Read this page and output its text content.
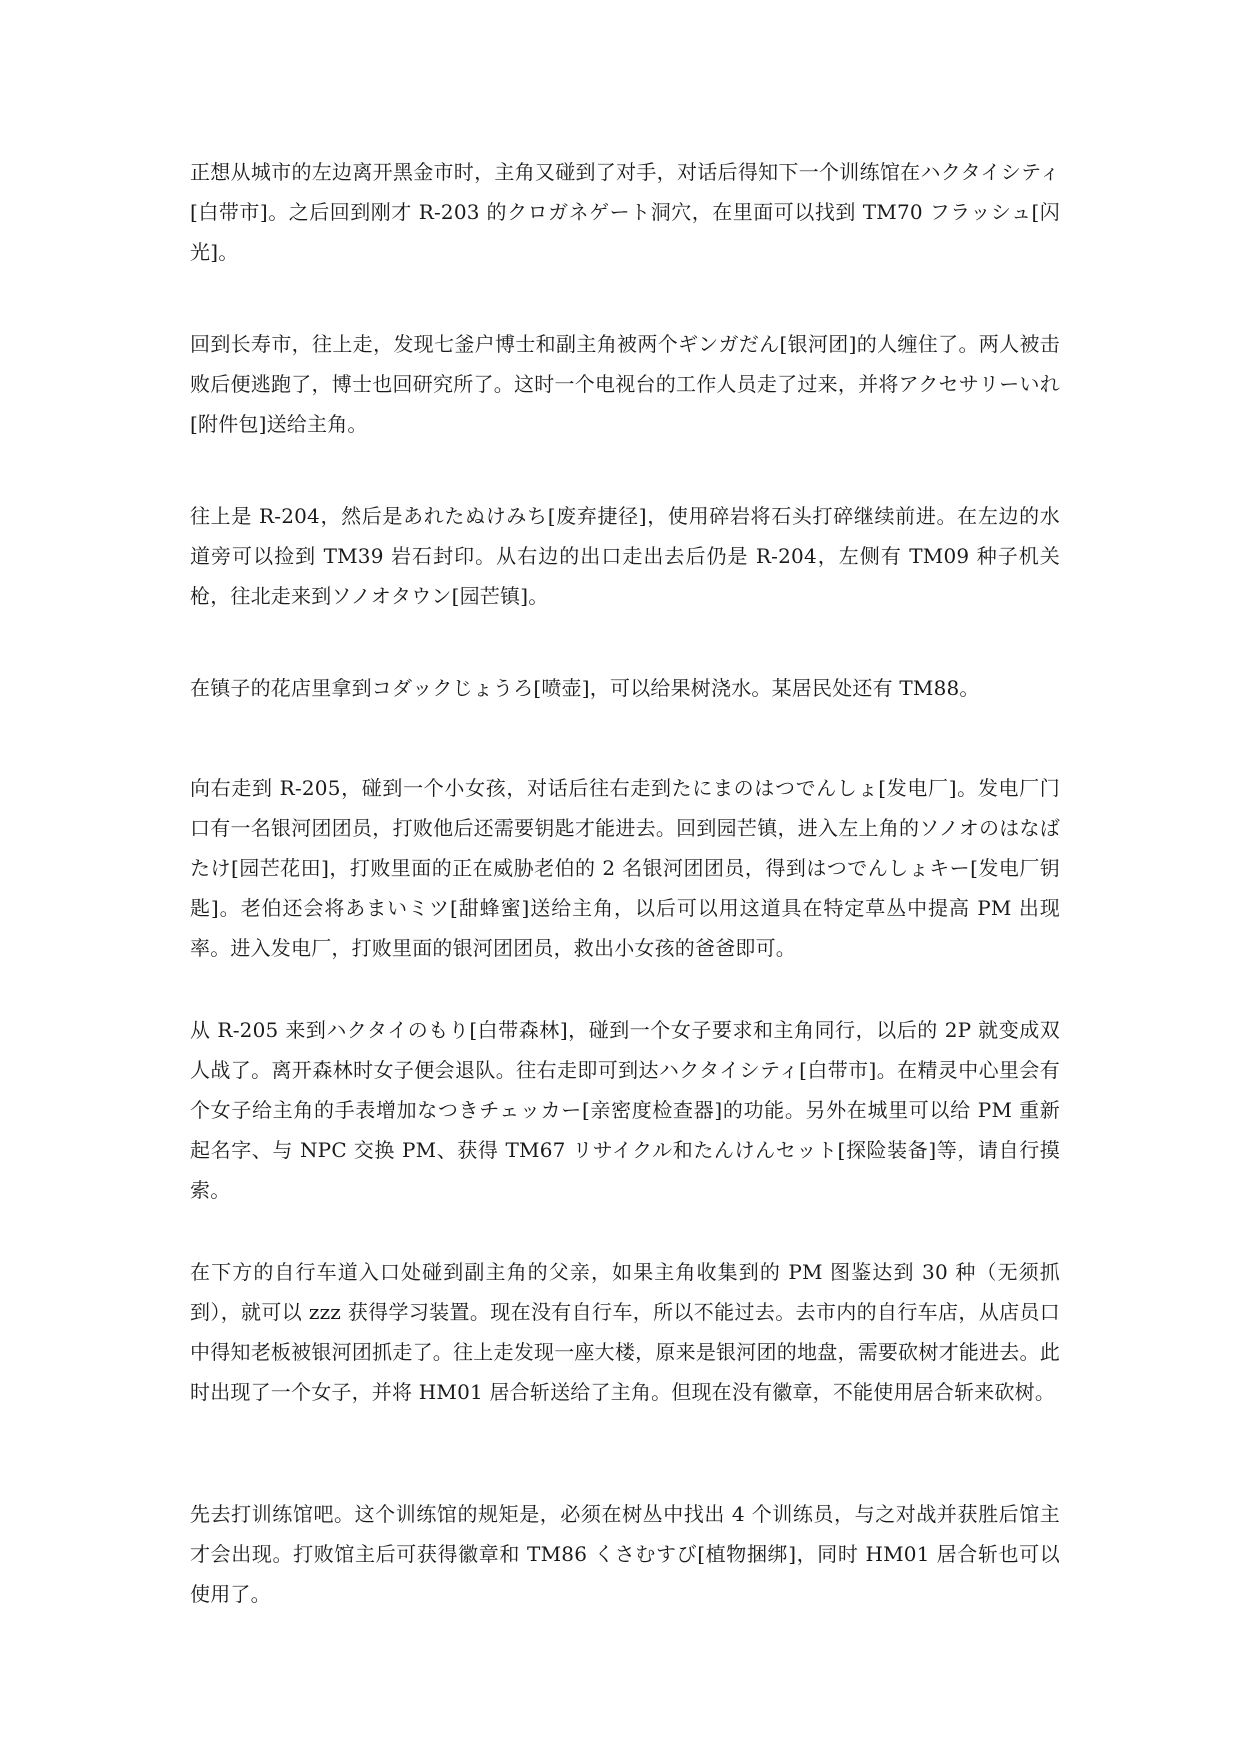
正想从城市的左边离开黑金市时，主角又碰到了对手，对话后得知下一个训练馆在ハクタイシティ[白带市]。之后回到刚才 R-203 的クロガネゲート洞穴，在里面可以找到 TM70 フラッシュ[闪光]。

回到长寿市，往上走，发现七釜户博士和副主角被两个ギンガだん[银河团]的人缠住了。两人被击败后便逃跑了，博士也回研究所了。这时一个电视台的工作人员走了过来，并将アクセサリーいれ[附件包]送给主角。

往上是 R-204，然后是あれたぬけみち[废弃捷径]，使用碎岩将石头打碎继续前进。在左边的水道旁可以捡到 TM39 岩石封印。从右边的出口走出去后仍是 R-204，左侧有 TM09 种子机关枪，往北走来到ソノオタウン[园芒镇]。

在镇子的花店里拿到コダックじょうろ[喷壶]，可以给果树浇水。某居民处还有 TM88。

向右走到 R-205，碰到一个小女孩，对话后往右走到たにまのはつでんしょ[发电厂]。发电厂门口有一名银河团团员，打败他后还需要钥匙才能进去。回到园芒镇，进入左上角的ソノオのはなばたけ[园芒花田]，打败里面的正在威胁老伯的 2 名银河团团员，得到はつでんしょキー[发电厂钥匙]。老伯还会将あまいミツ[甜蜂蜜]送给主角，以后可以用这道具在特定草丛中提高 PM 出现率。进入发电厂，打败里面的银河团团员，救出小女孩的爸爸即可。

从 R-205 来到ハクタイのもり[白带森林]，碰到一个女子要求和主角同行，以后的 2P 就变成双人战了。离开森林时女子便会退队。往右走即可到达ハクタイシティ[白带市]。在精灵中心里会有个女子给主角的手表增加なつきチェッカー[亲密度检查器]的功能。另外在城里可以给 PM 重新起名字、与 NPC 交换 PM、获得 TM67 リサイクル和たんけんセット[探险装备]等，请自行摸索。

在下方的自行车道入口处碰到副主角的父亲，如果主角收集到的 PM 图鉴达到 30 种（无须抓到），就可以 zzz 获得学习装置。现在没有自行车，所以不能过去。去市内的自行车店，从店员口中得知老板被银河团抓走了。往上走发现一座大楼，原来是银河团的地盘，需要砍树才能进去。此时出现了一个女子，并将 HM01 居合斩送给了主角。但现在没有徽章，不能使用居合斩来砍树。

先去打训练馆吧。这个训练馆的规矩是，必须在树丛中找出 4 个训练员，与之对战并获胜后馆主才会出现。打败馆主后可获得徽章和 TM86 くさむすび[植物捆绑]，同时 HM01 居合斩也可以使用了。
